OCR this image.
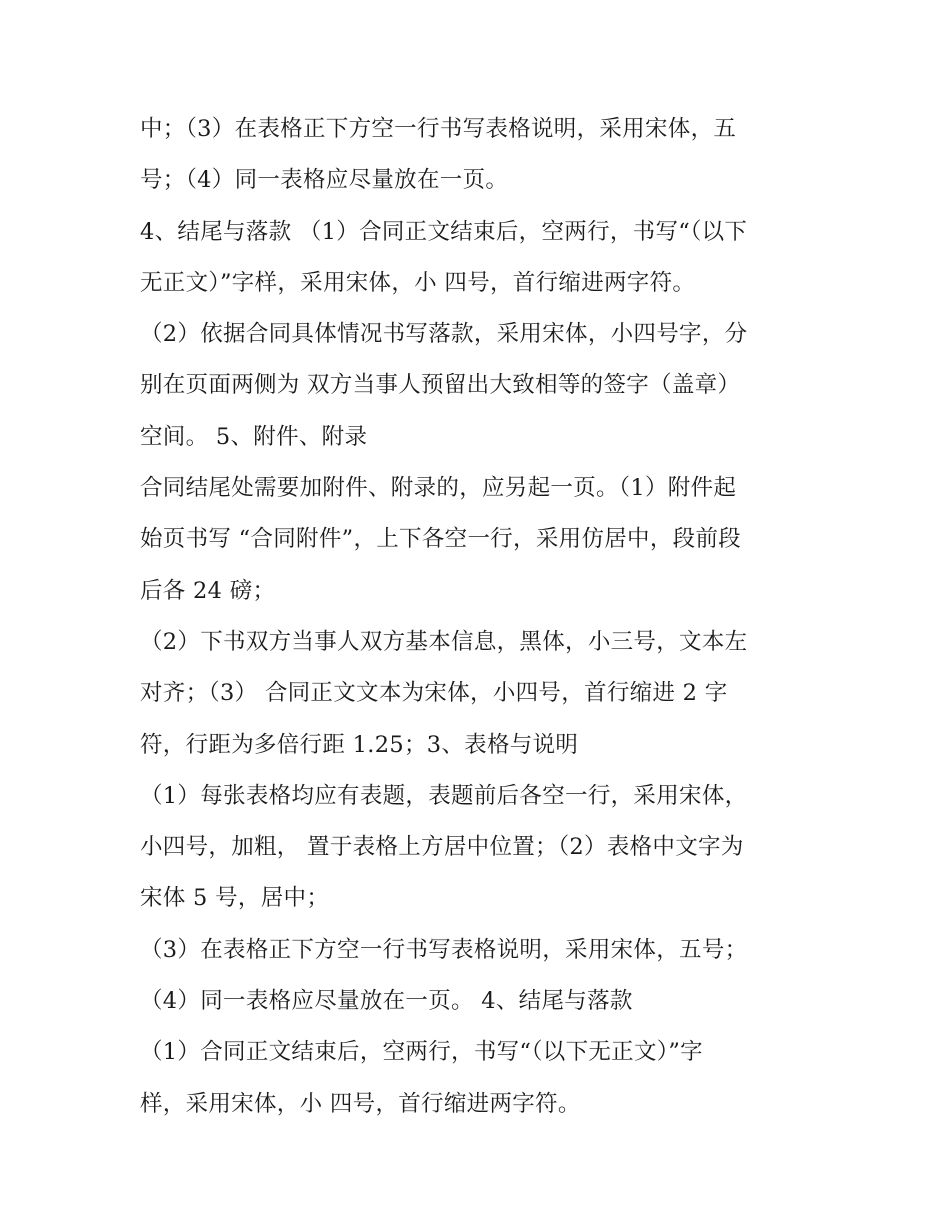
中；（3）在表格正下方空一行书写表格说明，采用宋体，五
号；（4）同一表格应尽量放在一页。
4、结尾与落款 （1）合同正文结束后，空两行，书写“（以下
无正文）”字样，采用宋体，小 四号，首行缩进两字符。
（2）依据合同具体情况书写落款，采用宋体，小四号字，分
别在页面两侧为 双方当事人预留出大致相等的签字（盖章）
空间。 5、附件、附录
合同结尾处需要加附件、附录的，应另起一页。（1）附件起
始页书写 “合同附件”，上下各空一行，采用仿居中，段前段
后各 24 磅；
（2）下书双方当事人双方基本信息，黑体，小三号，文本左
对齐；（3） 合同正文文本为宋体，小四号，首行缩进 2 字
符，行距为多倍行距 1.25；3、表格与说明
（1）每张表格均应有表题，表题前后各空一行，采用宋体，
小四号，加粗， 置于表格上方居中位置；（2）表格中文字为
宋体 5 号，居中；
（3）在表格正下方空一行书写表格说明，采用宋体，五号；
（4）同一表格应尽量放在一页。 4、结尾与落款
（1）合同正文结束后，空两行，书写“（以下无正文）”字
样，采用宋体，小 四号，首行缩进两字符。
